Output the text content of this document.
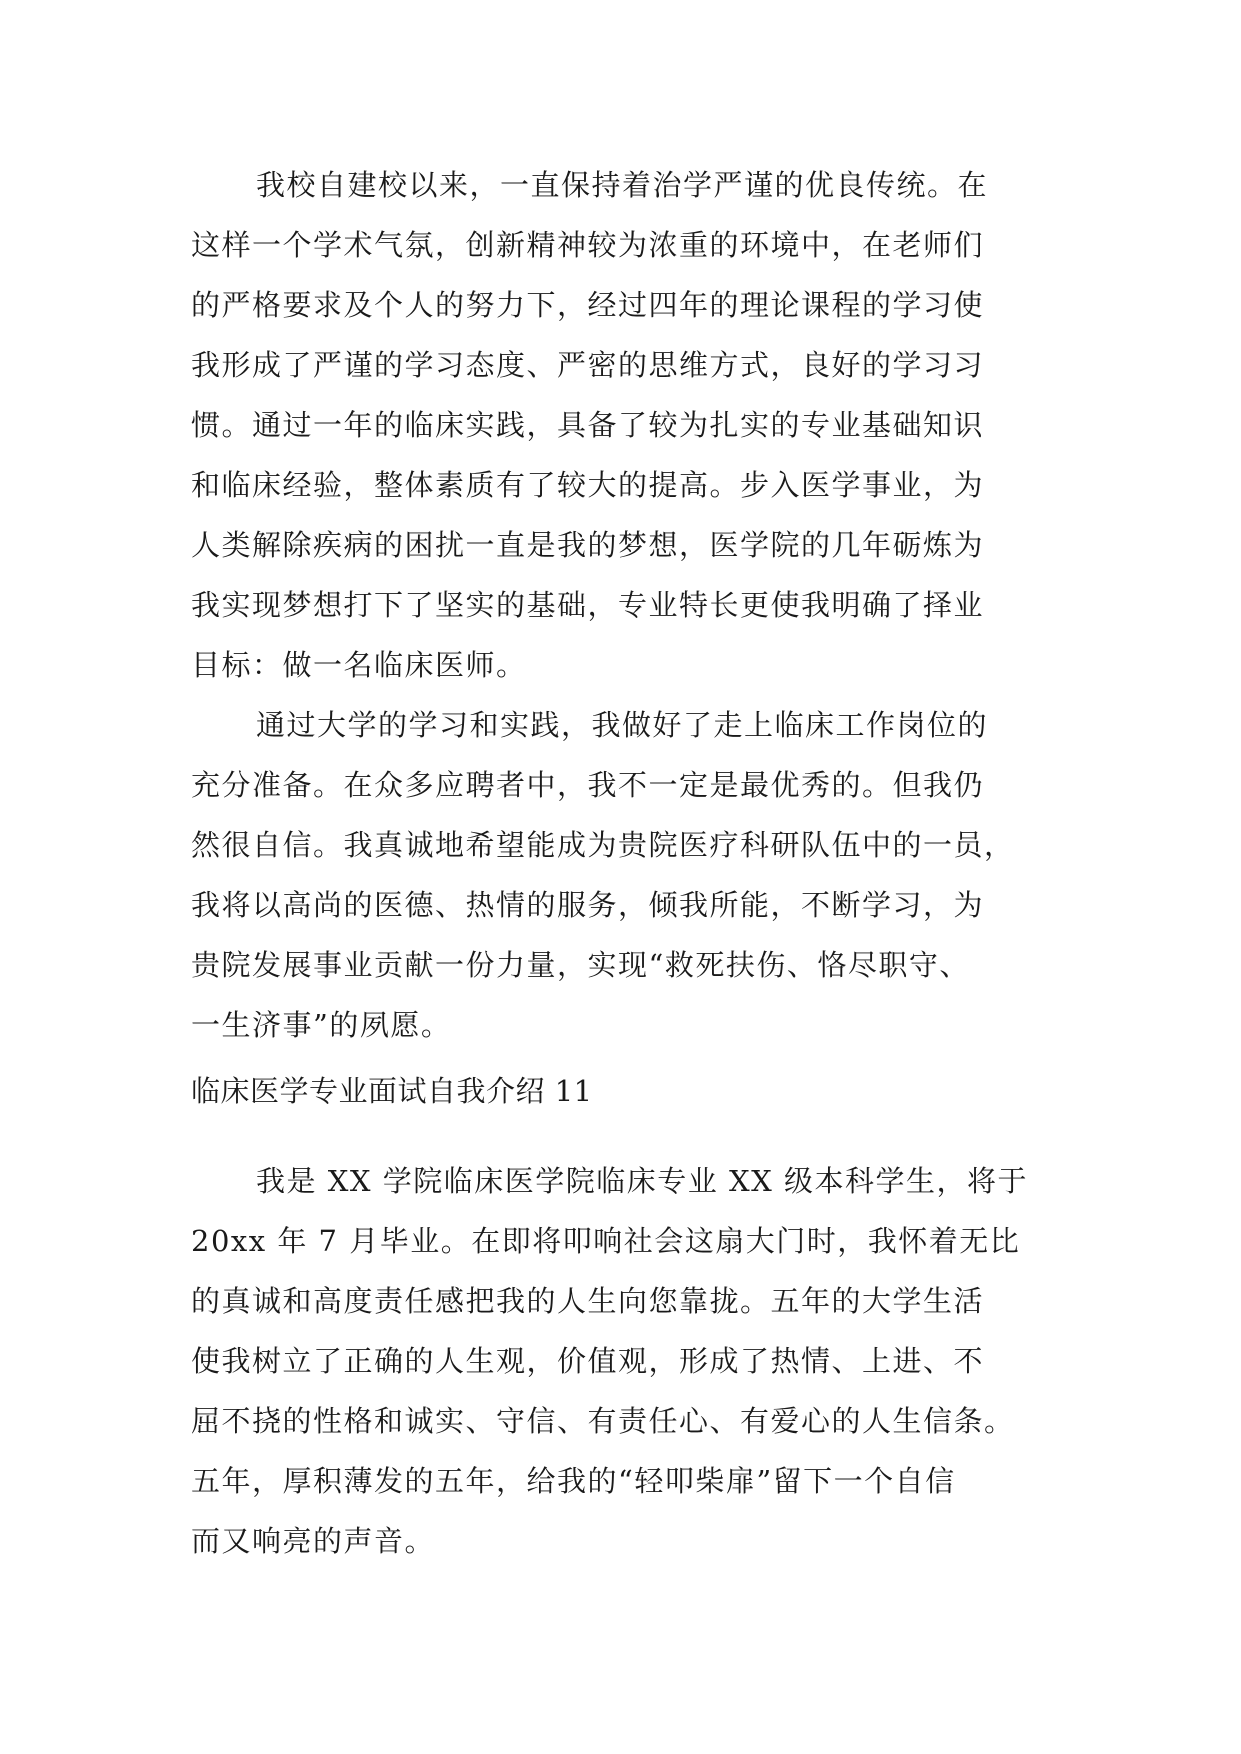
我校自建校以来，一直保持着治学严谨的优良传统。在
这样一个学术气氛，创新精神较为浓重的环境中，在老师们
的严格要求及个人的努力下，经过四年的理论课程的学习使
我形成了严谨的学习态度、严密的思维方式，良好的学习习
惯。通过一年的临床实践，具备了较为扎实的专业基础知识
和临床经验，整体素质有了较大的提高。步入医学事业，为
人类解除疾病的困扰一直是我的梦想，医学院的几年砺炼为
我实现梦想打下了坚实的基础，专业特长更使我明确了择业
目标：做一名临床医师。
通过大学的学习和实践，我做好了走上临床工作岗位的
充分准备。在众多应聘者中，我不一定是最优秀的。但我仍
然很自信。我真诚地希望能成为贵院医疗科研队伍中的一员，
我将以高尚的医德、热情的服务，倾我所能，不断学习，为
贵院发展事业贡献一份力量，实现“救死扶伤、恪尽职守、
一生济事”的夙愿。
临床医学专业面试自我介绍 11
我是 XX 学院临床医学院临床专业 XX 级本科学生，将于
20xx 年 7 月毕业。在即将叩响社会这扇大门时，我怀着无比
的真诚和高度责任感把我的人生向您靠拢。五年的大学生活
使我树立了正确的人生观，价值观，形成了热情、上进、不
屈不挠的性格和诚实、守信、有责任心、有爱心的人生信条。
五年，厚积薄发的五年，给我的“轻叩柴扉”留下一个自信
而又响亮的声音。
